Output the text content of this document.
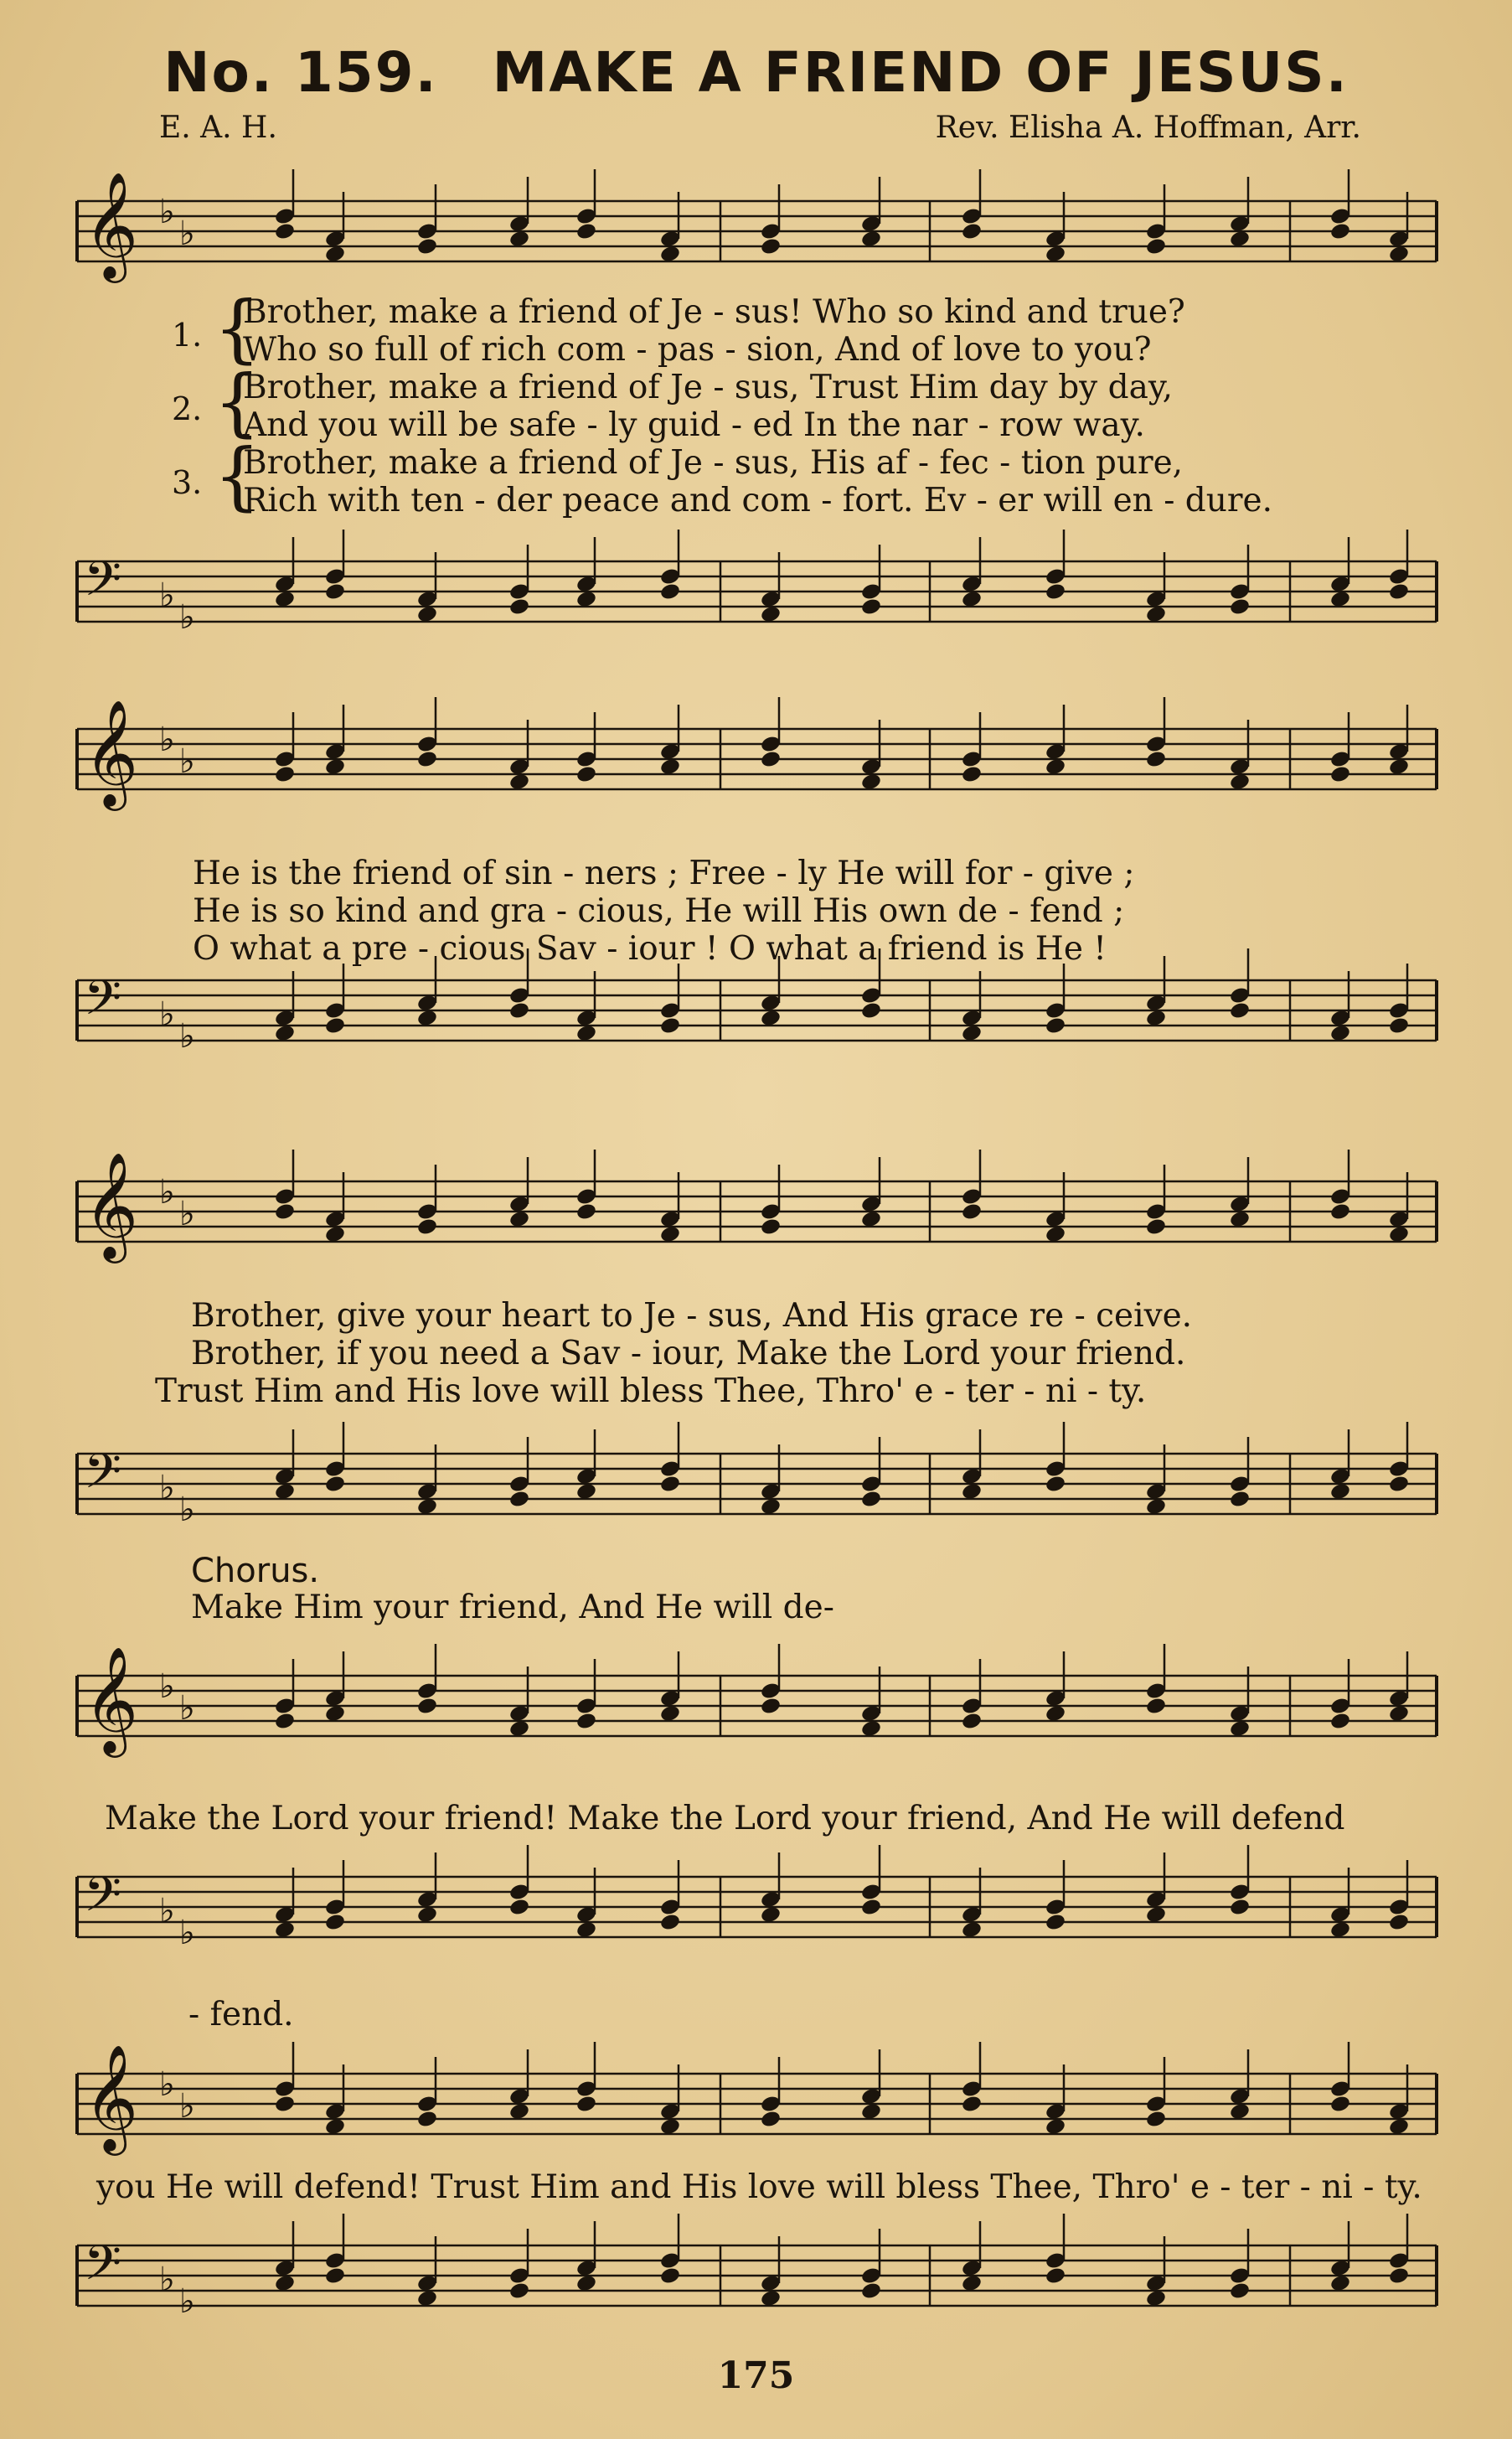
No. 159. MAKE A FRIEND OF JESUS.
E. A. H.	Rev. Elisha A. Hoffman, Arr.
𝄞 ♭
♭
𝄢 ♭
♭
1.
2.
3.
{
{
{
Brother, make a friend of Je - sus! Who so kind and true?
Who so full of rich com - pas - sion, And of love to you?
Brother, make a friend of Je - sus, Trust Him day by day,
And you will be safe - ly guid - ed In the nar - row way.
Brother, make a friend of Je - sus, His af - fec - tion pure,
Rich with ten - der peace and com - fort. Ev - er will en - dure.
𝄞 ♭
♭
𝄢 ♭
♭
He is the friend of sin - ners ; Free - ly He will for - give ;
He is so kind and gra - cious, He will His own de - fend ;
O what a pre - cious Sav - iour ! O what a friend is He !
𝄞 ♭
♭
𝄢 ♭
♭
Brother, give your heart to Je - sus, And His grace re - ceive.
Brother, if you need a Sav - iour, Make the Lord your friend.
Trust Him and His love will bless Thee, Thro' e - ter - ni - ty.
Chorus.
Make Him your friend, And He will de-
𝄞 ♭
♭
Make the Lord your friend! Make the Lord your friend, And He will defend
𝄢 ♭
♭
- fend.
𝄞 ♭
♭
you He will defend! Trust Him and His love will bless Thee, Thro' e - ter - ni - ty.
𝄢 ♭
♭
175
